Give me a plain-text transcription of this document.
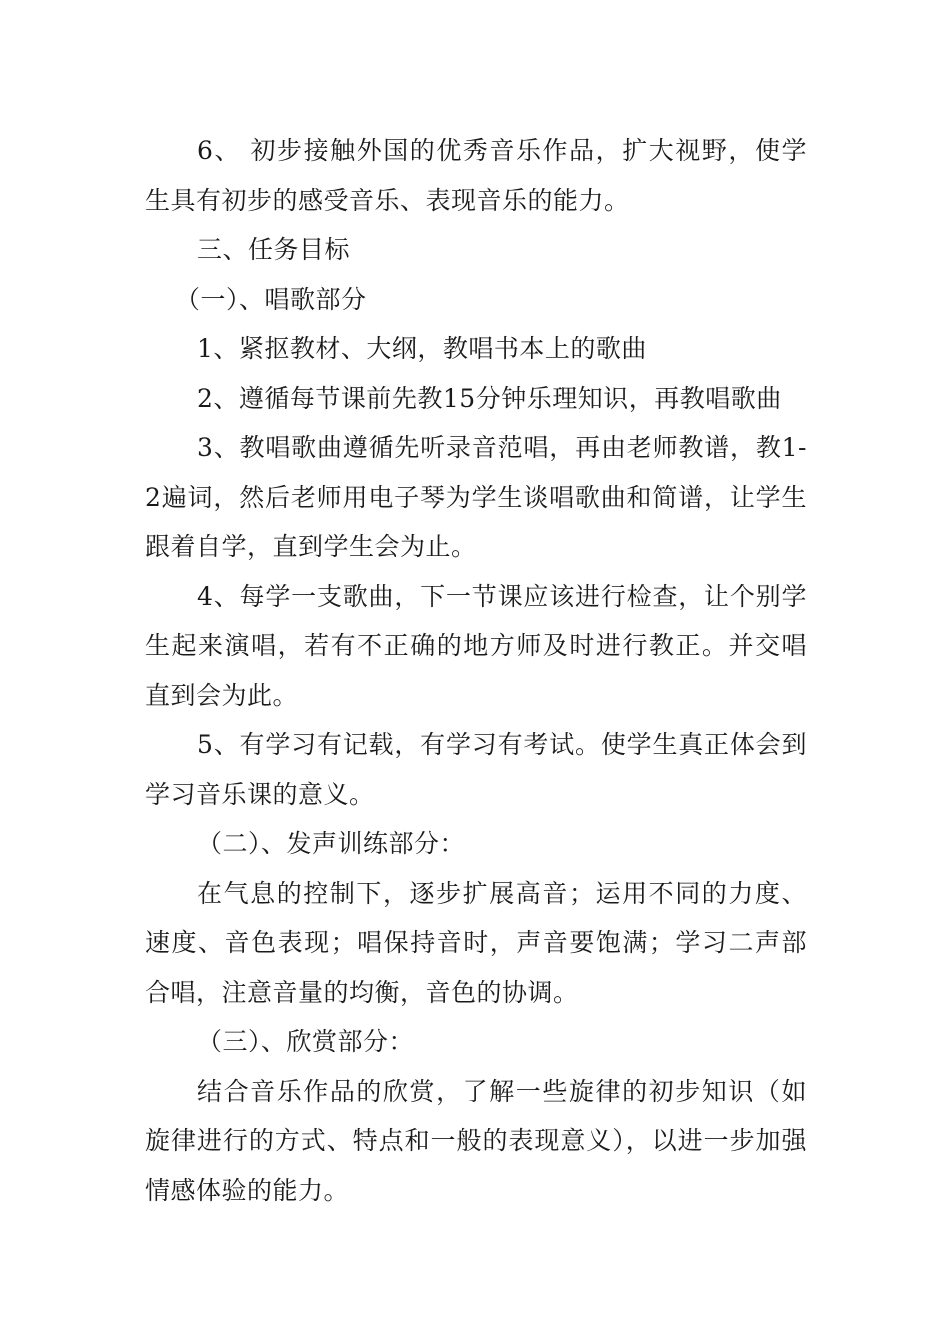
6、 初步接触外国的优秀音乐作品，扩大视野，使学生具有初步的感受音乐、表现音乐的能力。

三、任务目标

（一）、唱歌部分

1、紧抠教材、大纲，教唱书本上的歌曲

2、遵循每节课前先教15分钟乐理知识，再教唱歌曲

3、教唱歌曲遵循先听录音范唱，再由老师教谱，教1-2遍词，然后老师用电子琴为学生谈唱歌曲和简谱，让学生跟着自学，直到学生会为止。

4、每学一支歌曲，下一节课应该进行检查，让个别学生起来演唱，若有不正确的地方师及时进行教正。并交唱直到会为此。

5、有学习有记载，有学习有考试。使学生真正体会到学习音乐课的意义。

（二）、发声训练部分：

在气息的控制下，逐步扩展高音；运用不同的力度、速度、音色表现；唱保持音时，声音要饱满；学习二声部合唱，注意音量的均衡，音色的协调。

（三）、欣赏部分：

结合音乐作品的欣赏，了解一些旋律的初步知识（如旋律进行的方式、特点和一般的表现意义），以进一步加强情感体验的能力。
